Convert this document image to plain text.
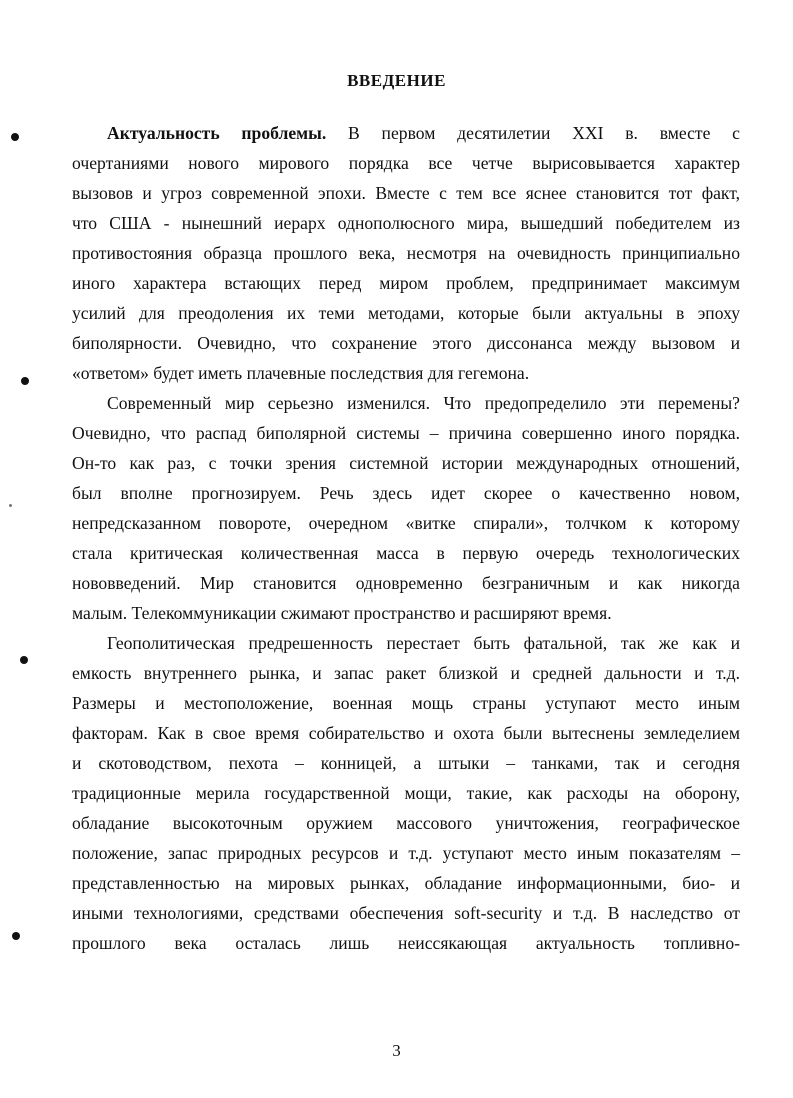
ВВЕДЕНИЕ
Актуальность проблемы. В первом десятилетии XXI в. вместе с
очертаниями нового мирового порядка все четче вырисовывается характер
вызовов и угроз современной эпохи. Вместе с тем все яснее становится тот факт,
что США - нынешний иерарх однополюсного мира, вышедший победителем из
противостояния образца прошлого века, несмотря на очевидность принципиально
иного характера встающих перед миром проблем, предпринимает максимум
усилий для преодоления их теми методами, которые были актуальны в эпоху
биполярности. Очевидно, что сохранение этого диссонанса между вызовом и
«ответом» будет иметь плачевные последствия для гегемона.
Современный мир серьезно изменился. Что предопределило эти перемены?
Очевидно, что распад биполярной системы – причина совершенно иного порядка.
Он-то как раз, с точки зрения системной истории международных отношений,
был вполне прогнозируем. Речь здесь идет скорее о качественно новом,
непредсказанном повороте, очередном «витке спирали», толчком к которому
стала критическая количественная масса в первую очередь технологических
нововведений. Мир становится одновременно безграничным и как никогда
малым. Телекоммуникации сжимают пространство и расширяют время.
Геополитическая предрешенность перестает быть фатальной, так же как и
емкость внутреннего рынка, и запас ракет близкой и средней дальности и т.д.
Размеры и местоположение, военная мощь страны уступают место иным
факторам. Как в свое время собирательство и охота были вытеснены земледелием
и скотоводством, пехота – конницей, а штыки – танками, так и сегодня
традиционные мерила государственной мощи, такие, как расходы на оборону,
обладание высокоточным оружием массового уничтожения, географическое
положение, запас природных ресурсов и т.д. уступают место иным показателям –
представленностью на мировых рынках, обладание информационными, био- и
иными технологиями, средствами обеспечения soft-security и т.д. В наследство от
прошлого века осталась лишь неиссякающая актуальность топливно-
3
